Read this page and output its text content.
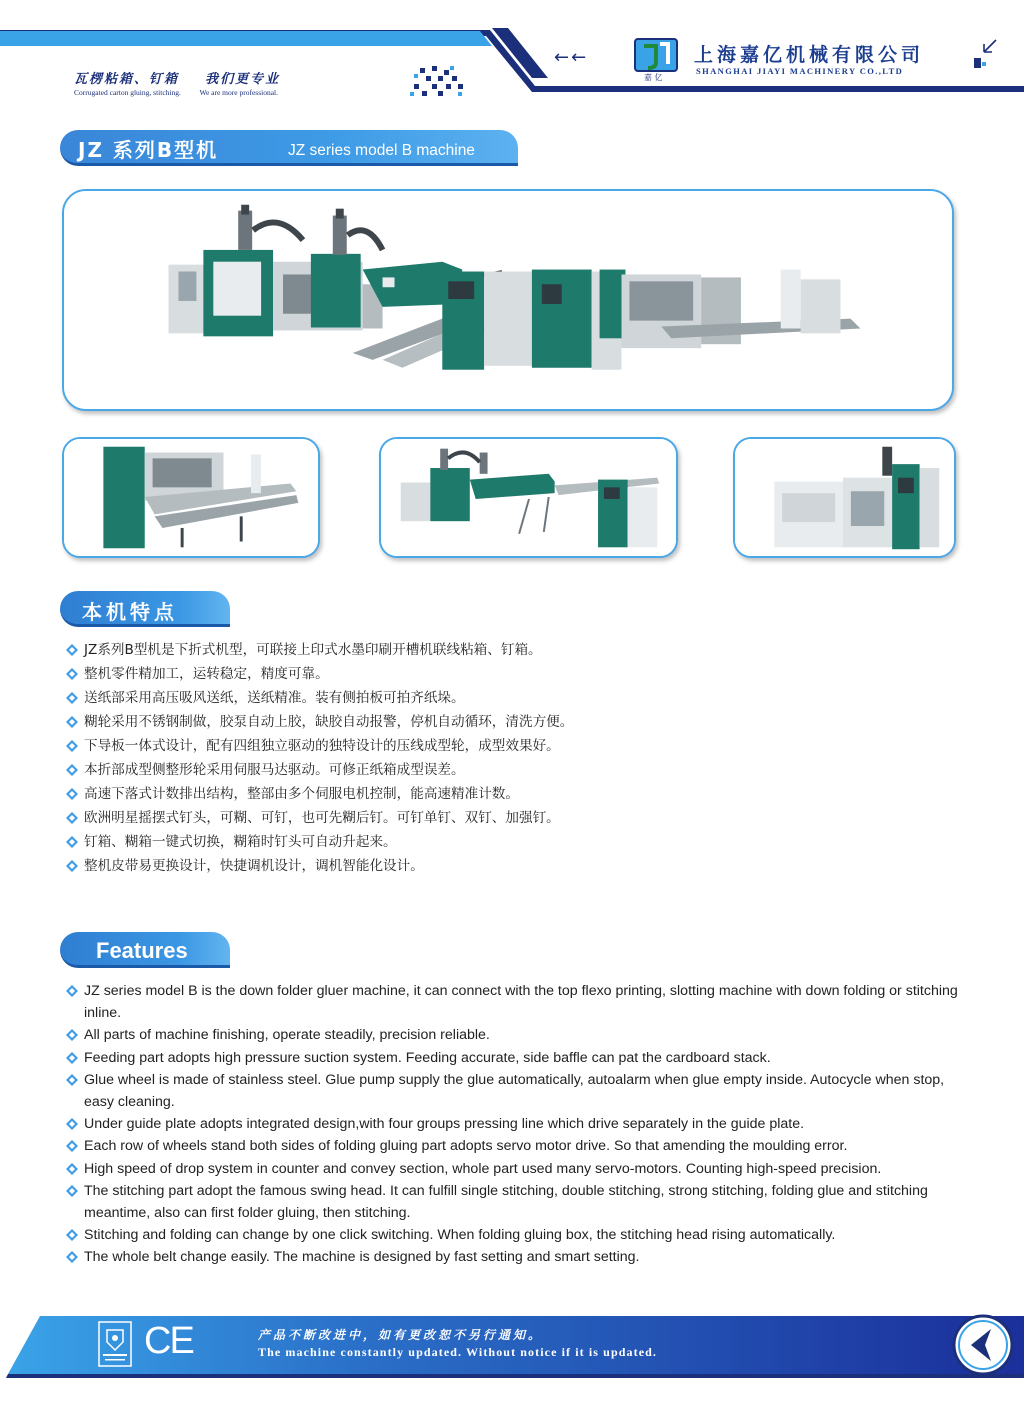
瓦楞粘箱、钉箱    我们更专业
Corrugated carton gluing, stitching.          We are more professional.
←←
嘉 亿
上海嘉亿机械有限公司
SHANGHAI JIAYI MACHINERY CO.,LTD
JZ 系列B型机	JZ series model B machine
本机特点
JZ系列B型机是下折式机型，可联接上印式水墨印刷开槽机联线粘箱、钉箱。
整机零件精加工，运转稳定，精度可靠。
送纸部采用高压吸风送纸，送纸精准。装有侧拍板可拍齐纸垛。
糊轮采用不锈钢制做，胶泵自动上胶，缺胶自动报警，停机自动循环，清洗方便。
下导板一体式设计，配有四组独立驱动的独特设计的压线成型轮，成型效果好。
本折部成型侧整形轮采用伺服马达驱动。可修正纸箱成型误差。
高速下落式计数排出结构，整部由多个伺服电机控制，能高速精准计数。
欧洲明星摇摆式钉头，可糊、可钉，也可先糊后钉。可钉单钉、双钉、加强钉。
钉箱、糊箱一键式切换，糊箱时钉头可自动升起来。
整机皮带易更换设计，快捷调机设计，调机智能化设计。
Features
JZ series model B is the down folder gluer machine, it can connect with the top flexo printing, slotting machine with down folding or stitching inline.
All parts of machine finishing, operate steadily, precision reliable.
Feeding part adopts high pressure suction system. Feeding accurate, side baffle can pat the cardboard stack.
Glue wheel is made of stainless steel. Glue pump supply the glue automatically, autoalarm when glue empty inside. Autocycle when stop, easy cleaning.
Under guide plate adopts integrated design,with four groups pressing line which drive separately in the guide plate.
Each row of wheels stand both sides of folding gluing part adopts servo motor drive. So that amending the moulding error.
High speed of drop system in counter and convey section, whole part used many servo-motors. Counting high-speed precision.
The stitching part adopt the famous swing head. It can fulfill single stitching, double stitching, strong stitching, folding glue and stitching meantime, also can first folder gluing, then stitching.
Stitching and folding can change by one click switching. When folding gluing box, the stitching head rising automatically.
The whole belt change easily. The machine is designed by fast setting and smart setting.
CE	产品不断改进中，如有更改恕不另行通知。
The machine constantly updated. Without notice if it is updated.
